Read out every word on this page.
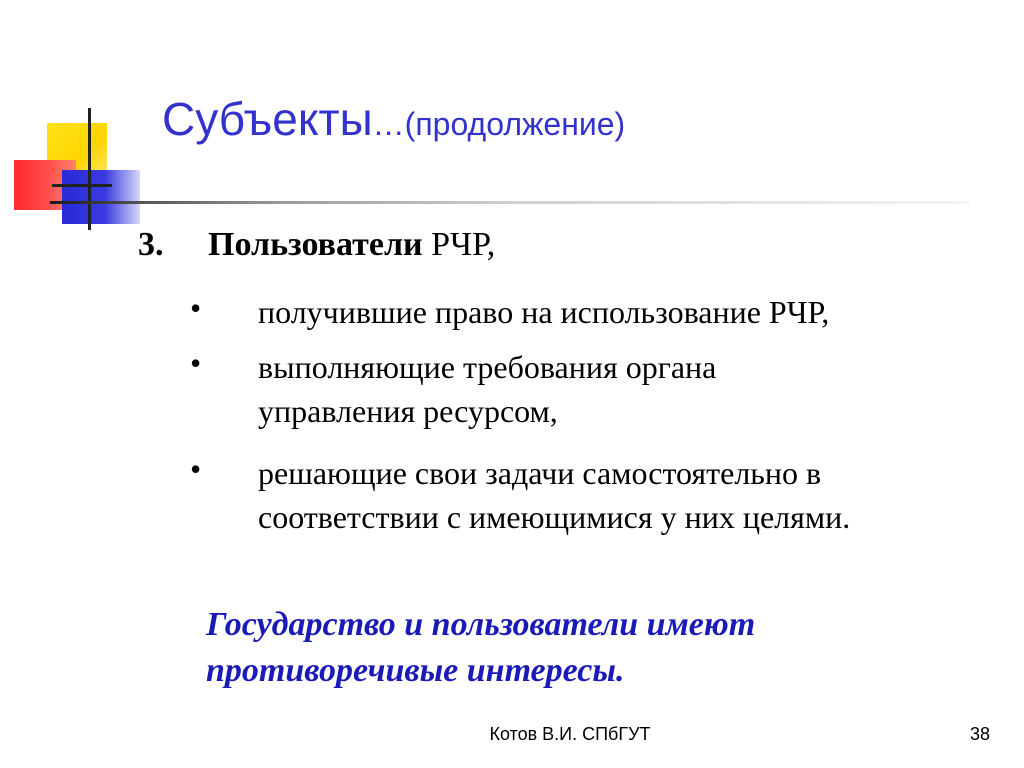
Субъекты…(продолжение)
3. Пользователи РЧР,
• получившие право на использование РЧР,
• выполняющие требования органа управления ресурсом,
• решающие свои задачи самостоятельно в соответствии с имеющимися у них целями.
Государство и пользователи имеют противоречивые интересы.
Котов В.И. СПбГУТ	38
